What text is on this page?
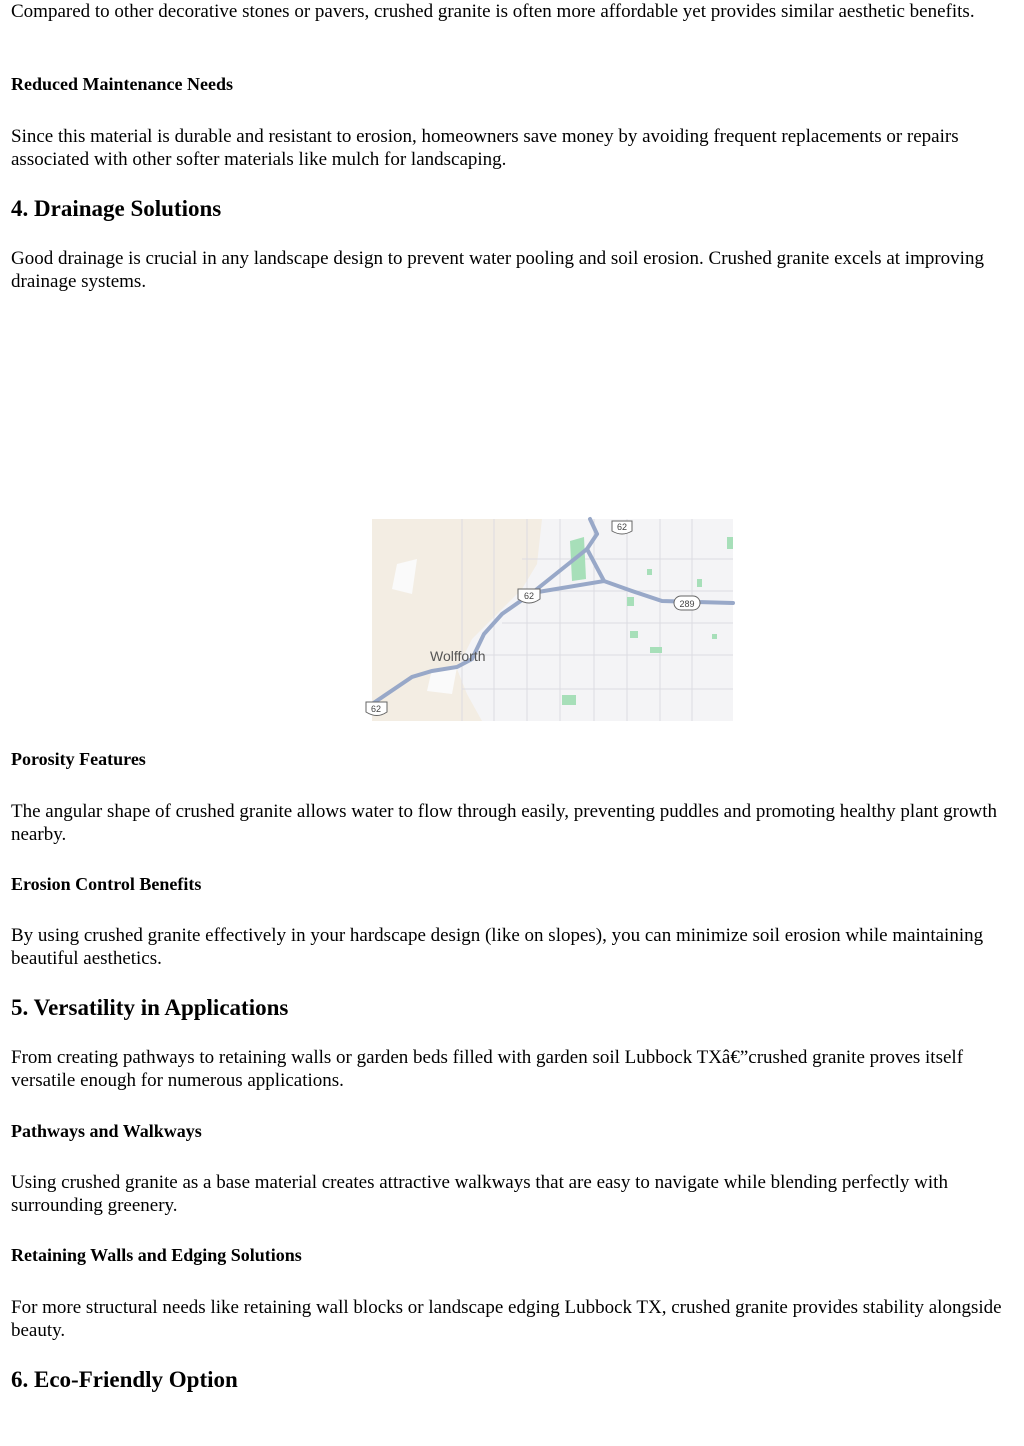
Compared to other decorative stones or pavers, crushed granite is often more affordable yet provides similar aesthetic benefits.

Reduced Maintenance Needs

Since this material is durable and resistant to erosion, homeowners save money by avoiding frequent replacements or repairs associated with other softer materials like mulch for landscaping.

4. Drainage Solutions

Good drainage is crucial in any landscape design to prevent water pooling and soil erosion. Crushed granite excels at improving drainage systems.

62
62
62
289
Wolfforth
Porosity Features

The angular shape of crushed granite allows water to flow through easily, preventing puddles and promoting healthy plant growth nearby.

Erosion Control Benefits

By using crushed granite effectively in your hardscape design (like on slopes), you can minimize soil erosion while maintaining beautiful aesthetics.

5. Versatility in Applications

From creating pathways to retaining walls or garden beds filled with garden soil Lubbock TXâ€”crushed granite proves itself versatile enough for numerous applications.

Pathways and Walkways

Using crushed granite as a base material creates attractive walkways that are easy to navigate while blending perfectly with surrounding greenery.

Retaining Walls and Edging Solutions

For more structural needs like retaining wall blocks or landscape edging Lubbock TX, crushed granite provides stability alongside beauty.

6. Eco-Friendly Option
